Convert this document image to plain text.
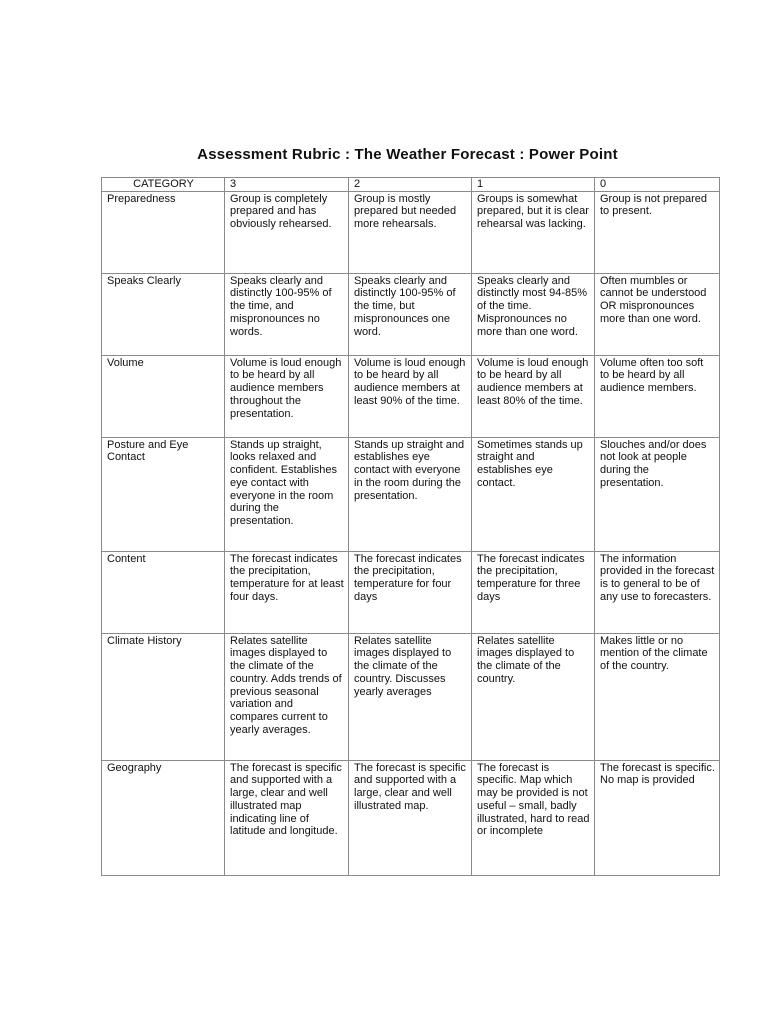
Assessment Rubric : The Weather Forecast : Power Point
CATEGORY	3	2	1	0
Preparedness	Group is completely prepared and has obviously rehearsed.	Group is mostly prepared but needed more rehearsals.	Groups is somewhat prepared, but it is clear rehearsal was lacking.	Group is not prepared to present.
Speaks Clearly	Speaks clearly and distinctly 100-95% of the time, and mispronounces no words.	Speaks clearly and distinctly 100-95% of the time, but mispronounces one word.	Speaks clearly and distinctly most 94-85% of the time. Mispronounces no more than one word.	Often mumbles or cannot be understood OR mispronounces more than one word.
Volume	Volume is loud enough to be heard by all audience members throughout the presentation.	Volume is loud enough to be heard by all audience members at least 90% of the time.	Volume is loud enough to be heard by all audience members at least 80% of the time.	Volume often too soft to be heard by all audience members.
Posture and Eye Contact	Stands up straight, looks relaxed and confident. Establishes eye contact with everyone in the room during the presentation.	Stands up straight and establishes eye contact with everyone in the room during the presentation.	Sometimes stands up straight and establishes eye contact.	Slouches and/or does not look at people during the presentation.
Content	The forecast indicates the precipitation, temperature for at least four days.	The forecast indicates the precipitation, temperature for four days	The forecast indicates the precipitation, temperature for three days	The information provided in the forecast is to general to be of any use to forecasters.
Climate History	Relates satellite images displayed to the climate of the country. Adds trends of previous seasonal variation and compares current to yearly averages.	Relates satellite images displayed to the climate of the country. Discusses yearly averages	Relates satellite images displayed to the climate of the country.	Makes little or no mention of the climate of the country.
Geography	The forecast is specific and supported with a large, clear and well illustrated map indicating line of latitude and longitude.	The forecast is specific and supported with a large, clear and well illustrated map.	The forecast is specific. Map which may be provided is not useful – small, badly illustrated, hard to read or incomplete	The forecast is specific. No map is provided
